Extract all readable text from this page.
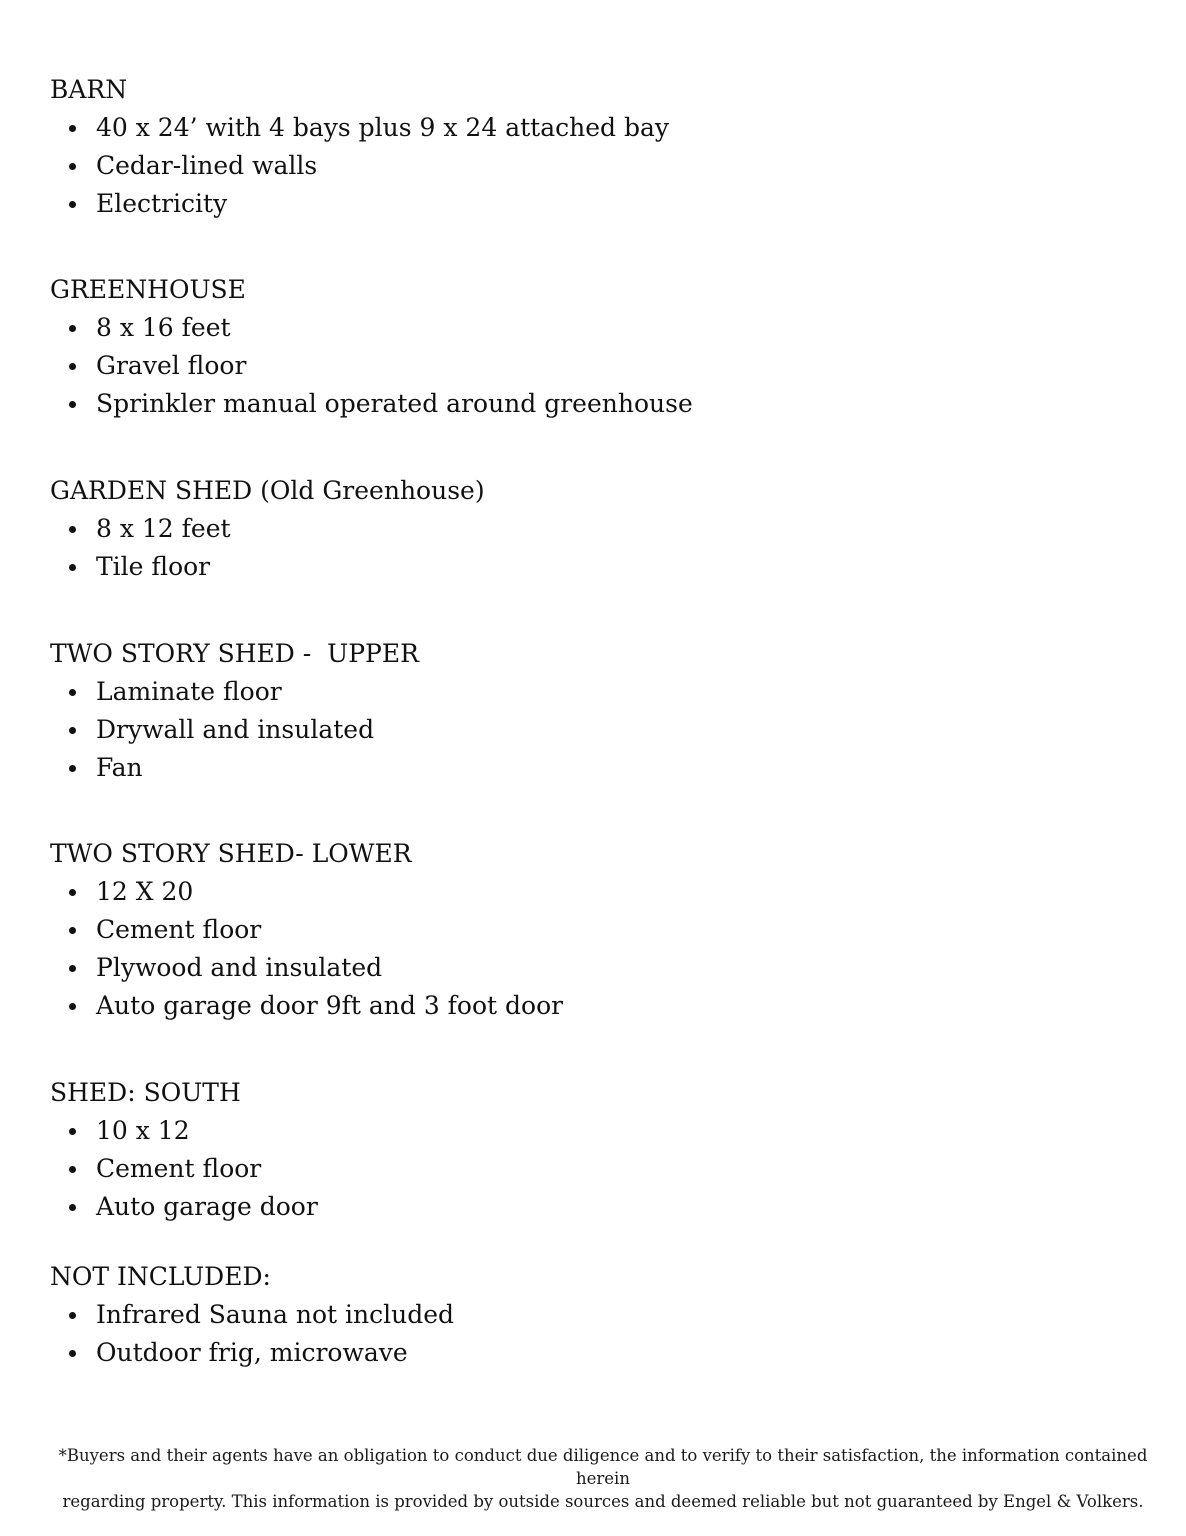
BARN
40 x 24’ with 4 bays plus 9 x 24 attached bay
Cedar-lined walls
Electricity
GREENHOUSE
8 x 16 feet
Gravel floor
Sprinkler manual operated around greenhouse
GARDEN SHED (Old Greenhouse)
8 x 12 feet
Tile floor
TWO STORY SHED -  UPPER
Laminate floor
Drywall and insulated
Fan
TWO STORY SHED- LOWER
12 X 20
Cement floor
Plywood and insulated
Auto garage door 9ft and 3 foot door
SHED: SOUTH
10 x 12
Cement floor
Auto garage door
NOT INCLUDED:
Infrared Sauna not included
Outdoor frig, microwave

*Buyers and their agents have an obligation to conduct due diligence and to verify to their satisfaction, the information contained herein

regarding property. This information is provided by outside sources and deemed reliable but not guaranteed by Engel & Volkers.
